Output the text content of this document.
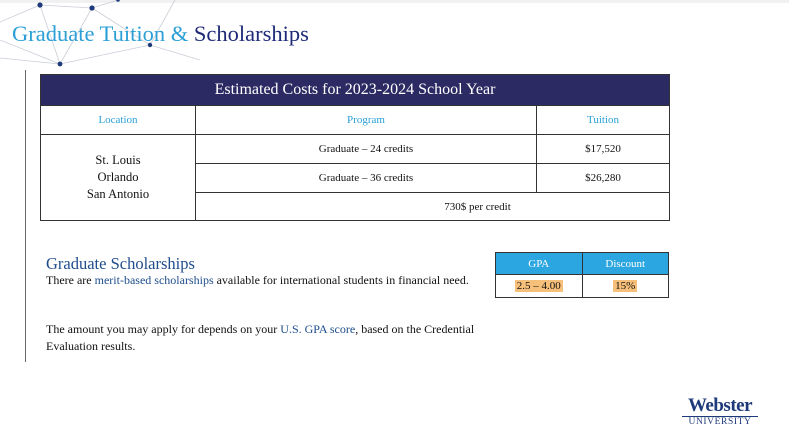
Graduate Tuition & Scholarships
Estimated Costs for 2023-2024 School Year		
Location	Program	Tuition

St. Louis
Orlando
San Antonio	Graduate – 24 credits	$17,520
	Graduate – 36 credits	$26,280
	730$ per credit	
Graduate Scholarships
There are merit-based scholarships available for international students in financial need.
The amount you may apply for depends on your U.S. GPA score, based on the Credential Evaluation results.
GPA	Discount
2.5 – 4.00	15%
Webster
UNIVERSITY
